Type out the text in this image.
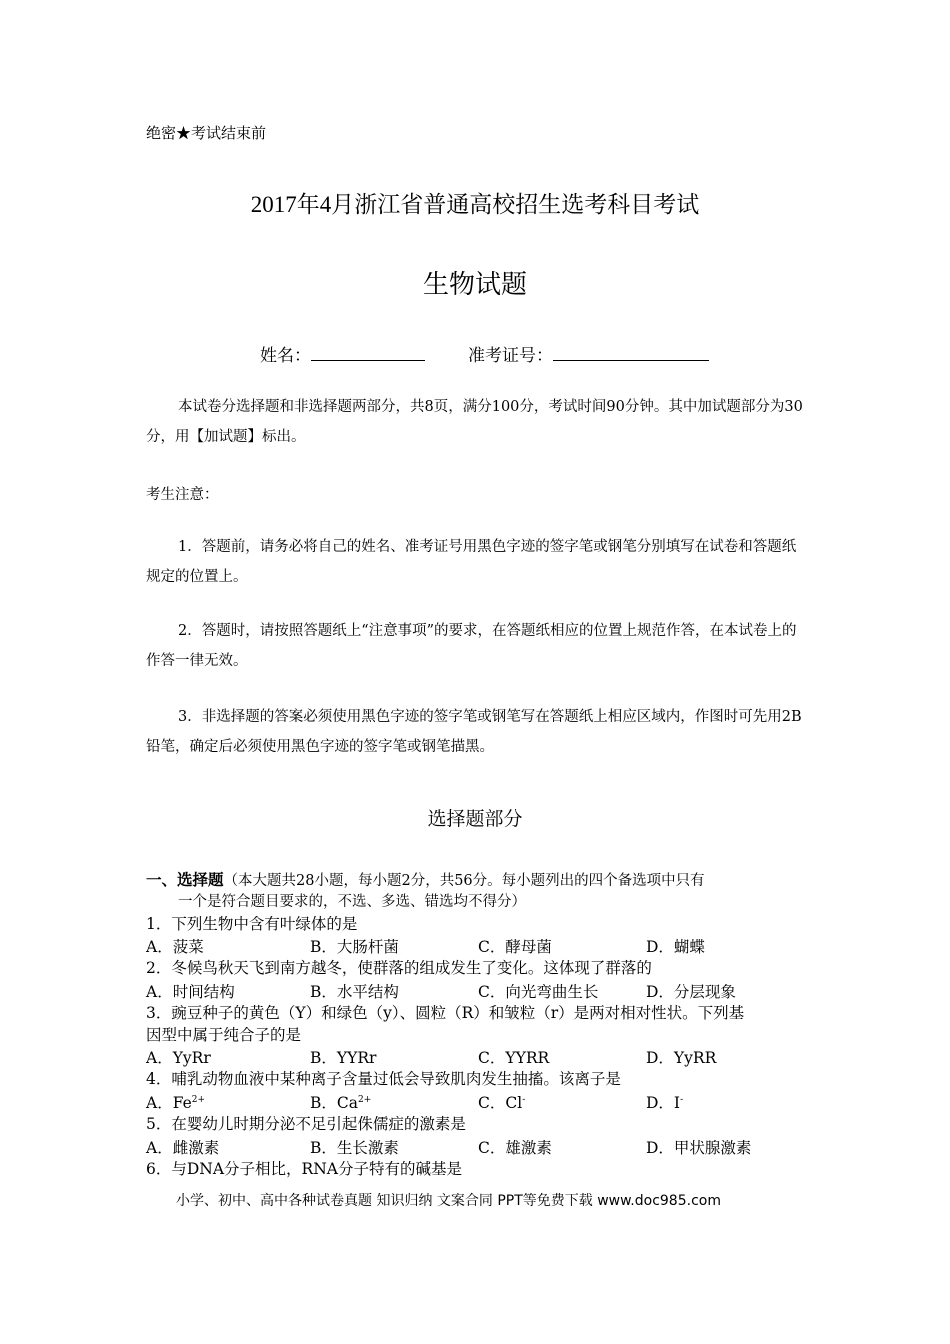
绝密★考试结束前
2017年4月浙江省普通高校招生选考科目考试
生物试题
姓名：	准考证号：
本试卷分选择题和非选择题两部分，共8页，满分100分，考试时间90分钟。其中加试题部分为30分，用【加试题】标出。
考生注意：
1．答题前，请务必将自己的姓名、准考证号用黑色字迹的签字笔或钢笔分别填写在试卷和答题纸规定的位置上。
2．答题时，请按照答题纸上“注意事项”的要求，在答题纸相应的位置上规范作答，在本试卷上的作答一律无效。
3．非选择题的答案必须使用黑色字迹的签字笔或钢笔写在答题纸上相应区域内，作图时可先用2B铅笔，确定后必须使用黑色字迹的签字笔或钢笔描黑。
选择题部分
一、选择题（本大题共28小题，每小题2分，共56分。每小题列出的四个备选项中只有
一个是符合题目要求的，不选、多选、错选均不得分）
1．下列生物中含有叶绿体的是
A．菠菜	B．大肠杆菌	C．酵母菌	D．蝴蝶
2．冬候鸟秋天飞到南方越冬，使群落的组成发生了变化。这体现了群落的
A．时间结构	B．水平结构	C．向光弯曲生长	D．分层现象
3．豌豆种子的黄色（Y）和绿色（y）、圆粒（R）和皱粒（r）是两对相对性状。下列基
因型中属于纯合子的是
A．YyRr	B．YYRr	C．YYRR	D．YyRR
4．哺乳动物血液中某种离子含量过低会导致肌肉发生抽搐。该离子是
A．$Fe^{2+}$	B．$Ca^{2+}$	C．Cl-	D．I-
5．在婴幼儿时期分泌不足引起侏儒症的激素是
A．雌激素	B．生长激素	C．雄激素	D．甲状腺激素
6．与DNA分子相比，RNA分子特有的碱基是
小学、初中、高中各种试卷真题 知识归纳 文案合同 PPT等免费下载 www.doc985.com
